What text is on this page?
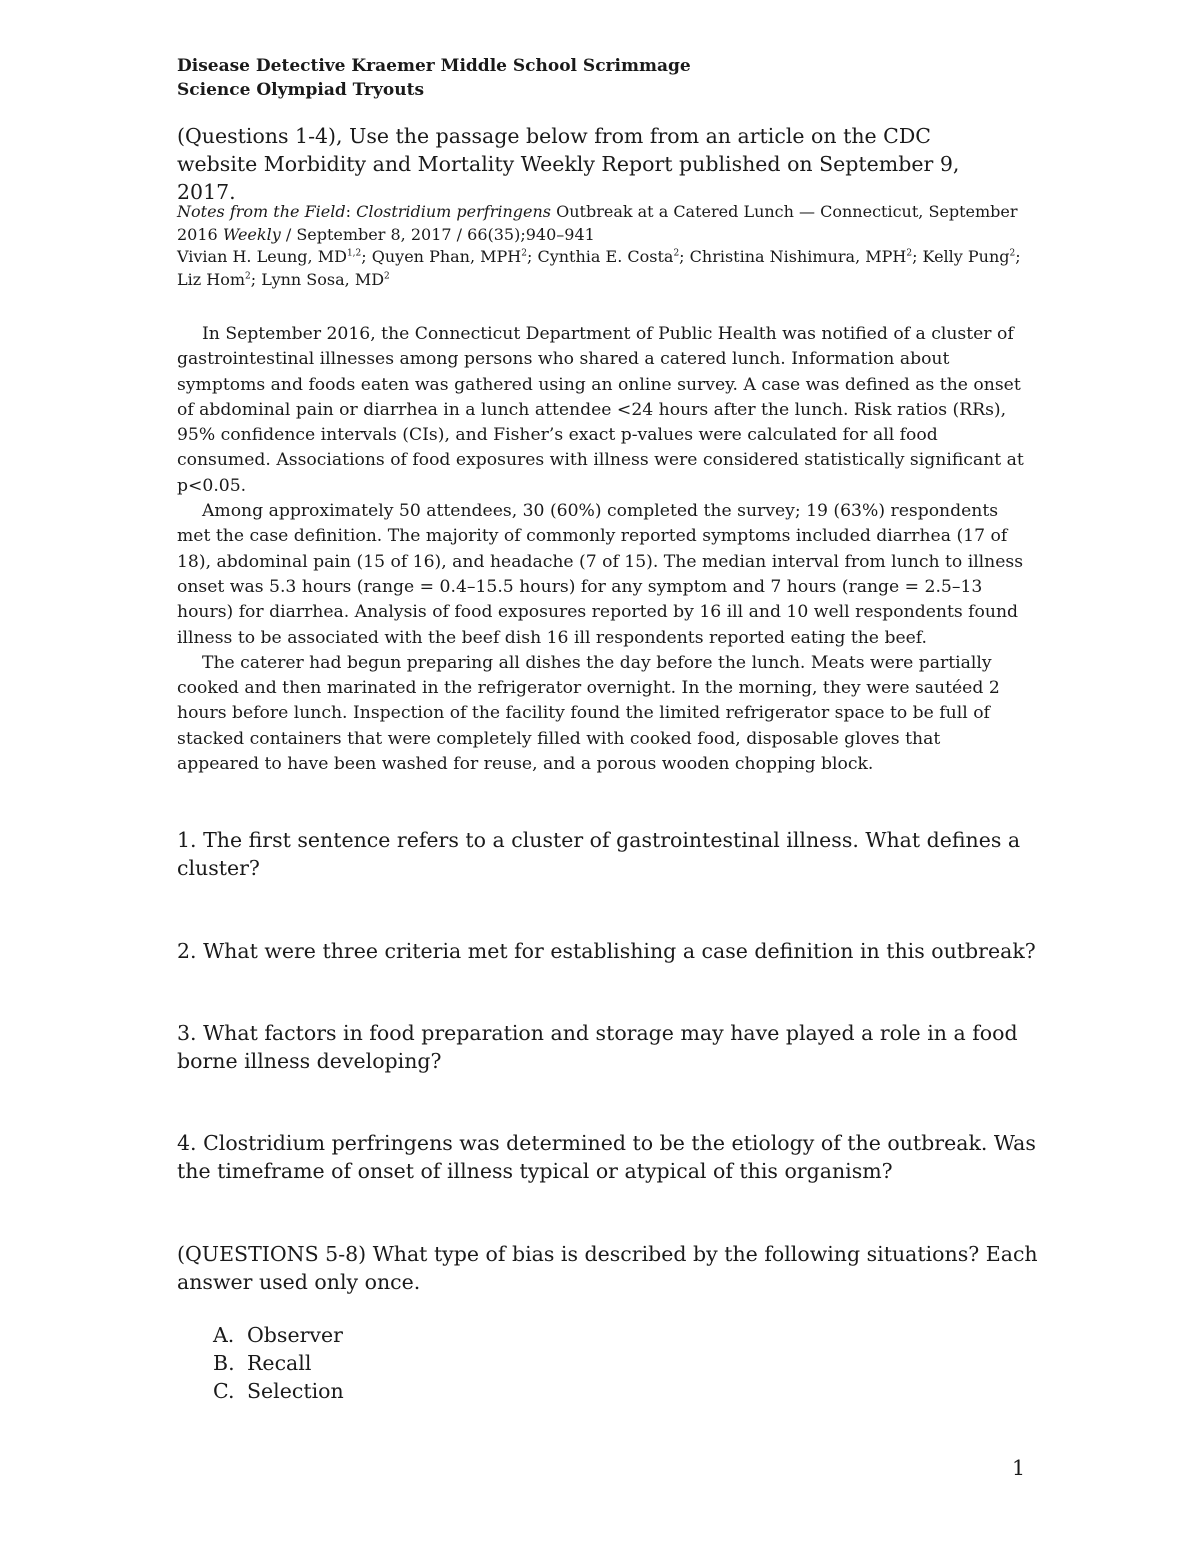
Disease Detective Kraemer Middle School Scrimmage
Science Olympiad Tryouts
(Questions 1-4), Use the passage below from from an article on the CDC website Morbidity and Mortality Weekly Report published on September 9, 2017.
Notes from the Field: Clostridium perfringens Outbreak at a Catered Lunch — Connecticut, September 2016 Weekly / September 8, 2017 / 66(35);940–941
Vivian H. Leung, MD$^{1,2}$; Quyen Phan, MPH$^2$; Cynthia E. Costa$^2$; Christina Nishimura, MPH$^2$; Kelly Pung$^2$; Liz Hom$^2$; Lynn Sosa, $MD^2$

In September 2016, the Connecticut Department of Public Health was notified of a cluster of gastrointestinal illnesses among persons who shared a catered lunch. Information about symptoms and foods eaten was gathered using an online survey. A case was defined as the onset of abdominal pain or diarrhea in a lunch attendee <24 hours after the lunch. Risk ratios (RRs), 95% confidence intervals (CIs), and Fisher’s exact p-values were calculated for all food consumed. Associations of food exposures with illness were considered statistically significant at p<0.05.

Among approximately 50 attendees, 30 (60%) completed the survey; 19 (63%) respondents met the case definition. The majority of commonly reported symptoms included diarrhea (17 of 18), abdominal pain (15 of 16), and headache (7 of 15). The median interval from lunch to illness onset was 5.3 hours (range = 0.4–15.5 hours) for any symptom and 7 hours (range = 2.5–13 hours) for diarrhea. Analysis of food exposures reported by 16 ill and 10 well respondents found illness to be associated with the beef dish 16 ill respondents reported eating the beef.

The caterer had begun preparing all dishes the day before the lunch. Meats were partially cooked and then marinated in the refrigerator overnight. In the morning, they were sautéed 2 hours before lunch. Inspection of the facility found the limited refrigerator space to be full of stacked containers that were completely filled with cooked food, disposable gloves that appeared to have been washed for reuse, and a porous wooden chopping block.

1. The first sentence refers to a cluster of gastrointestinal illness. What defines a cluster?
2. What were three criteria met for establishing a case definition in this outbreak?
3. What factors in food preparation and storage may have played a role in a food borne illness developing?
4. Clostridium perfringens was determined to be the etiology of the outbreak. Was the timeframe of onset of illness typical or atypical of this organism?
(QUESTIONS 5-8) What type of bias is described by the following situations? Each answer used only once.
A. Observer
B. Recall
C. Selection
1
